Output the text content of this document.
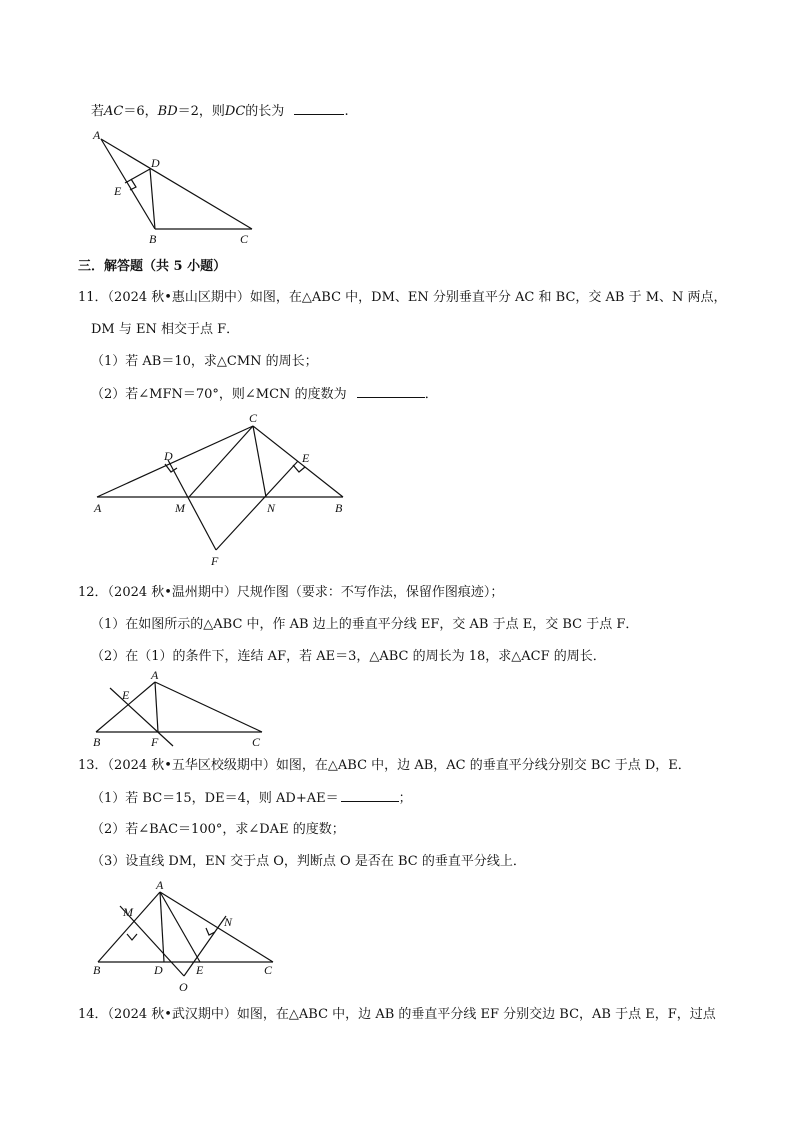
若AC＝6，BD＝2，则DC的长为	.
A
D
E
B	C
三．解答题（共 5 小题）
11．（2024 秋•惠山区期中）如图，在△ABC 中，DM、EN 分别垂直平分 AC 和 BC，交 AB 于 M、N 两点，
DM 与 EN 相交于点 F．
（1）若 AB＝10，求△CMN 的周长；
（2）若∠MFN＝70°，则∠MCN 的度数为	．
C
D	E
A	M	N	B
F
12．（2024 秋•温州期中）尺规作图（要求：不写作法，保留作图痕迹）；
（1）在如图所示的△ABC 中，作 AB 边上的垂直平分线 EF，交 AB 于点 E，交 BC 于点 F．
（2）在（1）的条件下，连结 AF，若 AE＝3，△ABC 的周长为 18，求△ACF 的周长．
A
E
B	F	C
13．（2024 秋•五华区校级期中）如图，在△ABC 中，边 AB，AC 的垂直平分线分别交 BC 于点 D，E．
（1）若 BC＝15，DE＝4，则 AD+AE＝	；
（2）若∠BAC＝100°，求∠DAE 的度数；
（3）设直线 DM，EN 交于点 O，判断点 O 是否在 BC 的垂直平分线上．
A
M
N
B	D	E	C
O
14．（2024 秋•武汉期中）如图，在△ABC 中，边 AB 的垂直平分线 EF 分别交边 BC，AB 于点 E，F，过点
